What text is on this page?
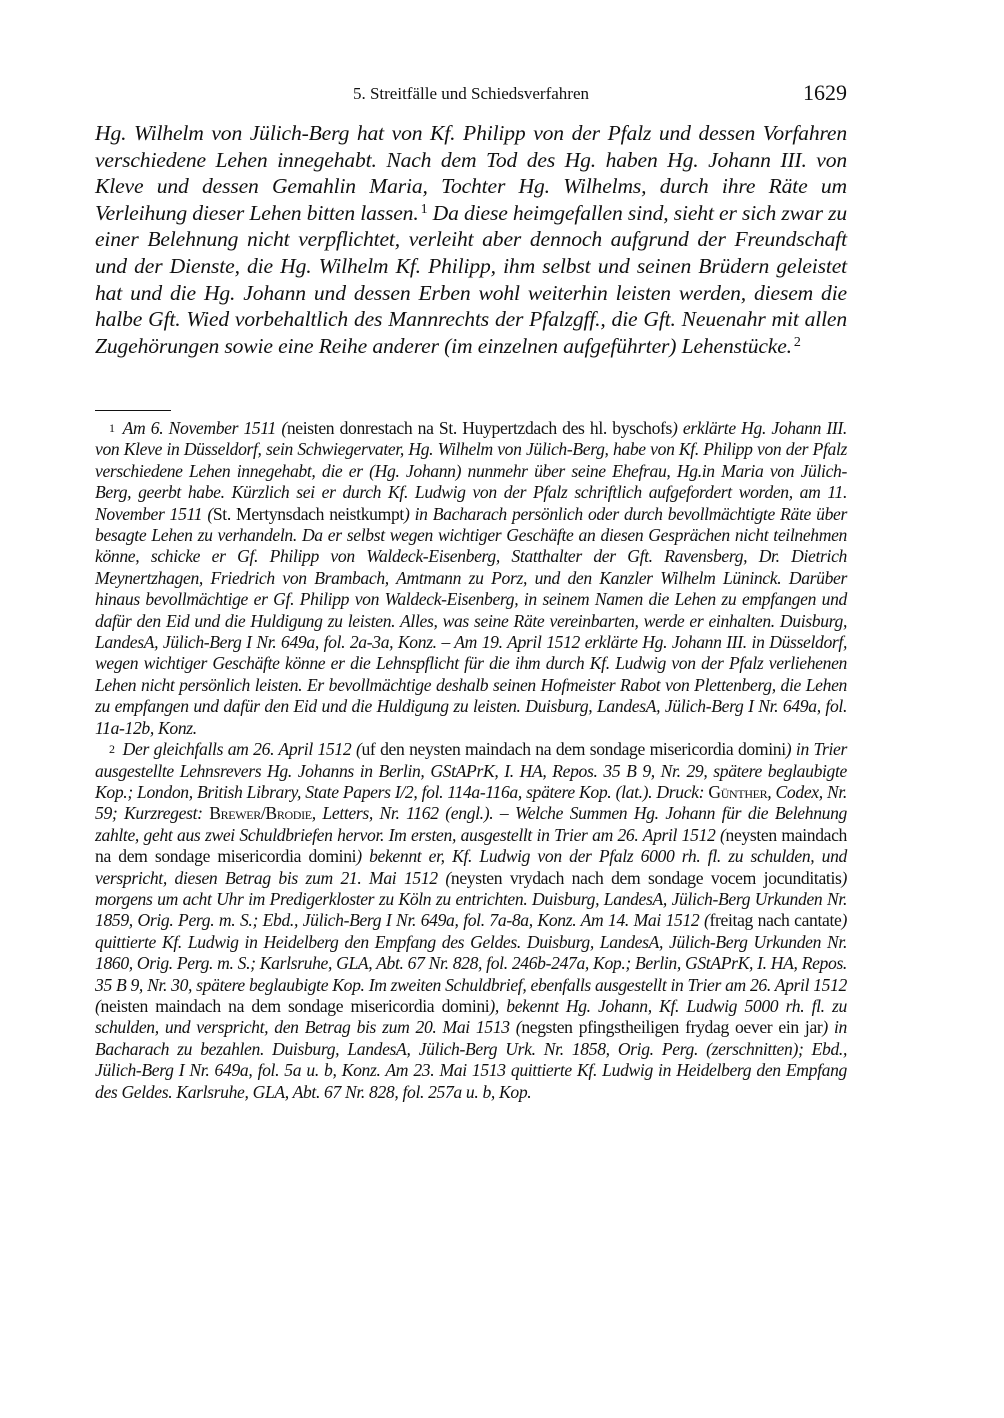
5. Streitfälle und Schiedsverfahren	1629

Hg. Wilhelm von Jülich-Berg hat von Kf. Philipp von der Pfalz und dessen Vorfahren verschiedene Lehen innegehabt. Nach dem Tod des Hg. haben Hg. Johann III. von Kleve und dessen Gemahlin Maria, Tochter Hg. Wilhelms, durch ihre Räte um Verleihung dieser Lehen bitten lassen. $^1$ Da diese heimgefallen sind, sieht er sich zwar zu einer Belehnung nicht verpflichtet, verleiht aber dennoch aufgrund der Freundschaft und der Dienste, die Hg. Wilhelm Kf. Philipp, ihm selbst und seinen Brüdern geleistet hat und die Hg. Johann und dessen Erben wohl weiterhin leisten werden, diesem die halbe Gft. Wied vorbehaltlich des Mannrechts der Pfalzgff., die Gft. Neuenahr mit allen Zugehörungen sowie eine Reihe anderer (im einzelnen aufgeführter) Lehenstücke. $^2$

$^1$ Am 6. November 1511 (neisten donrestach na St. Huypertzdach des hl. byschofs) erklärte Hg. Johann III. von Kleve in Düsseldorf, sein Schwiegervater, Hg. Wilhelm von Jülich-Berg, habe von Kf. Philipp von der Pfalz verschiedene Lehen innegehabt, die er (Hg. Johann) nunmehr über seine Ehefrau, Hg.in Maria von Jülich-Berg, geerbt habe. Kürzlich sei er durch Kf. Ludwig von der Pfalz schriftlich aufgefordert worden, am 11. November 1511 (St. Mertynsdach neistkumpt) in Bacharach persönlich oder durch bevollmächtigte Räte über besagte Lehen zu verhandeln. Da er selbst wegen wichtiger Geschäfte an diesen Gesprächen nicht teilnehmen könne, schicke er Gf. Philipp von Waldeck-Eisenberg, Statthalter der Gft. Ravensberg, Dr. Dietrich Meynertzhagen, Friedrich von Brambach, Amtmann zu Porz, und den Kanzler Wilhelm Lüninck. Darüber hinaus bevollmächtige er Gf. Philipp von Waldeck-Eisenberg, in seinem Namen die Lehen zu empfangen und dafür den Eid und die Huldigung zu leisten. Alles, was seine Räte vereinbarten, werde er einhalten. Duisburg, LandesA, Jülich-Berg I Nr. 649a, fol. 2a-3a, Konz. – Am 19. April 1512 erklärte Hg. Johann III. in Düsseldorf, wegen wichtiger Geschäfte könne er die Lehnspflicht für die ihm durch Kf. Ludwig von der Pfalz verliehenen Lehen nicht persönlich leisten. Er bevollmächtige deshalb seinen Hofmeister Rabot von Plettenberg, die Lehen zu empfangen und dafür den Eid und die Huldigung zu leisten. Duisburg, LandesA, Jülich-Berg I Nr. 649a, fol. 11a-12b, Konz.

$^2$ Der gleichfalls am 26. April 1512 (uf den neysten maindach na dem sondage misericordia domini) in Trier ausgestellte Lehnsrevers Hg. Johanns in Berlin, GStAPrK, I. HA, Repos. 35 B 9, Nr. 29, spätere beglaubigte Kop.; London, British Library, State Papers I/2, fol. 114a-116a, spätere Kop. (lat.). Druck: Günther, Codex, Nr. 59; Kurzregest: Brewer/Brodie, Letters, Nr. 1162 (engl.). – Welche Summen Hg. Johann für die Belehnung zahlte, geht aus zwei Schuldbriefen hervor. Im ersten, ausgestellt in Trier am 26. April 1512 (neysten maindach na dem sondage misericordia domini) bekennt er, Kf. Ludwig von der Pfalz 6000 rh. fl. zu schulden, und verspricht, diesen Betrag bis zum 21. Mai 1512 (neysten vrydach nach dem sondage vocem jocunditatis) morgens um acht Uhr im Predigerkloster zu Köln zu entrichten. Duisburg, LandesA, Jülich-Berg Urkunden Nr. 1859, Orig. Perg. m. S.; Ebd., Jülich-Berg I Nr. 649a, fol. 7a-8a, Konz. Am 14. Mai 1512 (freitag nach cantate) quittierte Kf. Ludwig in Heidelberg den Empfang des Geldes. Duisburg, LandesA, Jülich-Berg Urkunden Nr. 1860, Orig. Perg. m. S.; Karlsruhe, GLA, Abt. 67 Nr. 828, fol. 246b-247a, Kop.; Berlin, GStAPrK, I. HA, Repos. 35 B 9, Nr. 30, spätere beglaubigte Kop. Im zweiten Schuldbrief, ebenfalls ausgestellt in Trier am 26. April 1512 (neisten maindach na dem sondage misericordia domini), bekennt Hg. Johann, Kf. Ludwig 5000 rh. fl. zu schulden, und verspricht, den Betrag bis zum 20. Mai 1513 (negsten pfingstheiligen frydag oever ein jar) in Bacharach zu bezahlen. Duisburg, LandesA, Jülich-Berg Urk. Nr. 1858, Orig. Perg. (zerschnitten); Ebd., Jülich-Berg I Nr. 649a, fol. 5a u. b, Konz. Am 23. Mai 1513 quittierte Kf. Ludwig in Heidelberg den Empfang des Geldes. Karlsruhe, GLA, Abt. 67 Nr. 828, fol. 257a u. b, Kop.
